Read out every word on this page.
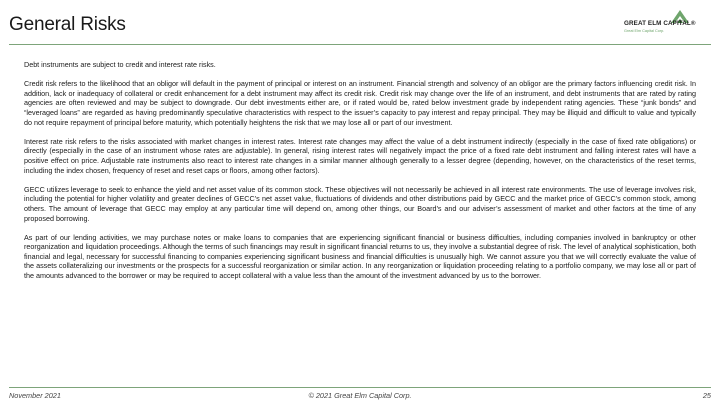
General Risks	GREAT ELM CAPITAL®
Great Elm Capital Corp.

Debt instruments are subject to credit and interest rate risks.

Credit risk refers to the likelihood that an obligor will default in the payment of principal or interest on an instrument. Financial strength and solvency of an obligor are the primary factors influencing credit risk. In addition, lack or inadequacy of collateral or credit enhancement for a debt instrument may affect its credit risk. Credit risk may change over the life of an instrument, and debt instruments that are rated by rating agencies are often reviewed and may be subject to downgrade. Our debt investments either are, or if rated would be, rated below investment grade by independent rating agencies. These “junk bonds” and “leveraged loans” are regarded as having predominantly speculative characteristics with respect to the issuer’s capacity to pay interest and repay principal. They may be illiquid and difficult to value and typically do not require repayment of principal before maturity, which potentially heightens the risk that we may lose all or part of our investment.

Interest rate risk refers to the risks associated with market changes in interest rates. Interest rate changes may affect the value of a debt instrument indirectly (especially in the case of fixed rate obligations) or directly (especially in the case of an instrument whose rates are adjustable). In general, rising interest rates will negatively impact the price of a fixed rate debt instrument and falling interest rates will have a positive effect on price. Adjustable rate instruments also react to interest rate changes in a similar manner although generally to a lesser degree (depending, however, on the characteristics of the reset terms, including the index chosen, frequency of reset and reset caps or floors, among other factors).

GECC utilizes leverage to seek to enhance the yield and net asset value of its common stock. These objectives will not necessarily be achieved in all interest rate environments. The use of leverage involves risk, including the potential for higher volatility and greater declines of GECC’s net asset value, fluctuations of dividends and other distributions paid by GECC and the market price of GECC’s common stock, among others. The amount of leverage that GECC may employ at any particular time will depend on, among other things, our Board’s and our adviser’s assessment of market and other factors at the time of any proposed borrowing.

As part of our lending activities, we may purchase notes or make loans to companies that are experiencing significant financial or business difficulties, including companies involved in bankruptcy or other reorganization and liquidation proceedings. Although the terms of such financings may result in significant financial returns to us, they involve a substantial degree of risk. The level of analytical sophistication, both financial and legal, necessary for successful financing to companies experiencing significant business and financial difficulties is unusually high. We cannot assure you that we will correctly evaluate the value of the assets collateralizing our investments or the prospects for a successful reorganization or similar action. In any reorganization or liquidation proceeding relating to a portfolio company, we may lose all or part of the amounts advanced to the borrower or may be required to accept collateral with a value less than the amount of the investment advanced by us to the borrower.

November 2021	© 2021 Great Elm Capital Corp.	25
